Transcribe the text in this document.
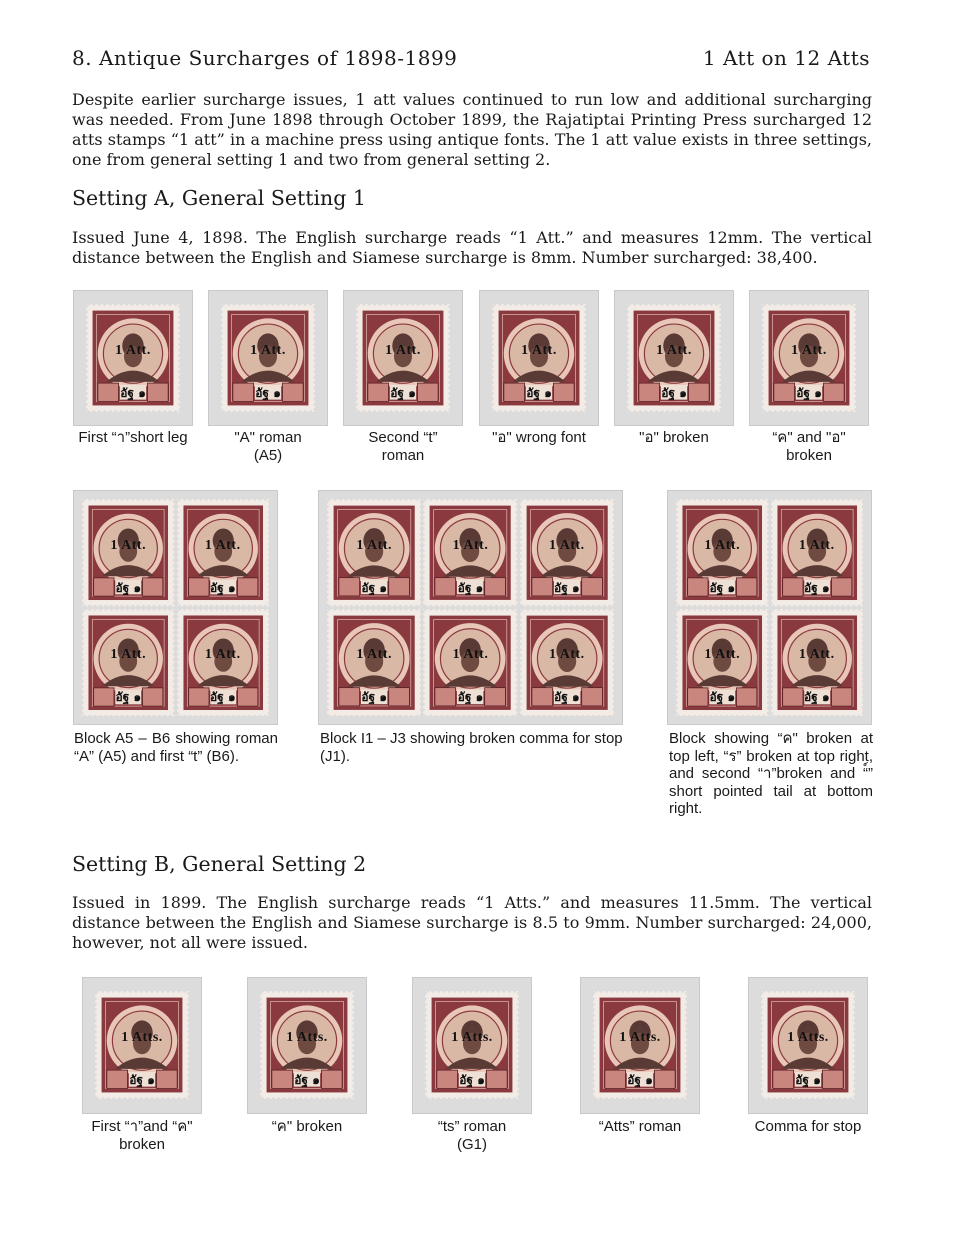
8. Antique Surcharges of 1898-1899	1 Att on 12 Atts
Despite earlier surcharge issues, 1 att values continued to run low and additional surcharging was needed. From June 1898 through October 1899, the Rajatiptai Printing Press surcharged 12 atts stamps “1 att” in a machine press using antique fonts. The 1 att value exists in three settings, one from general setting 1 and two from general setting 2.
Setting A, General Setting 1
Issued June 4, 1898. The English surcharge reads “1 Att.” and measures 12mm. The vertical distance between the English and Siamese surcharge is 8mm. Number surcharged: 38,400.
Block A5 – B6 showing roman “A” (A5) and first “t” (B6).
Block I1 – J3 showing broken comma for stop (J1).
Block showing “ค" broken at top left, “ร” broken at top right, and second “า”broken and “์” short pointed tail at bottom right.
Setting B, General Setting 2
Issued in 1899. The English surcharge reads “1 Atts.” and measures 11.5mm. The vertical distance between the English and Siamese surcharge is 8.5 to 9mm. Number surcharged: 24,000, however, not all were issued.
1 Att.
อัฐ ๑
First “า”short leg
1 Att.
อัฐ ๑
"A" roman
(A5)
1 Att.
อัฐ ๑
Second “t”
roman
1 Att.
อัฐ ๑
"อ" wrong font
1 Att.
อัฐ ๑
"อ" broken
1 Att.
อัฐ ๑
“ค" and "อ"
broken
1 Att.
อัฐ ๑
1 Att.
อัฐ ๑
1 Att.
อัฐ ๑
1 Att.
อัฐ ๑
1 Att.
อัฐ ๑
1 Att.
อัฐ ๑
1 Att.
อัฐ ๑
1 Att.
อัฐ ๑
1 Att.
อัฐ ๑
1 Att.
อัฐ ๑
1 Att.
อัฐ ๑
1 Att.
อัฐ ๑
1 Att.
อัฐ ๑
1 Att.
อัฐ ๑
1 Atts.
อัฐ ๑
First “า”and “ค"
broken
1 Atts.
อัฐ ๑
“ค" broken
1 Atts.
อัฐ ๑
“ts” roman
(G1)
1 Atts.
อัฐ ๑
“Atts” roman
1 Atts.
อัฐ ๑
Comma for stop
